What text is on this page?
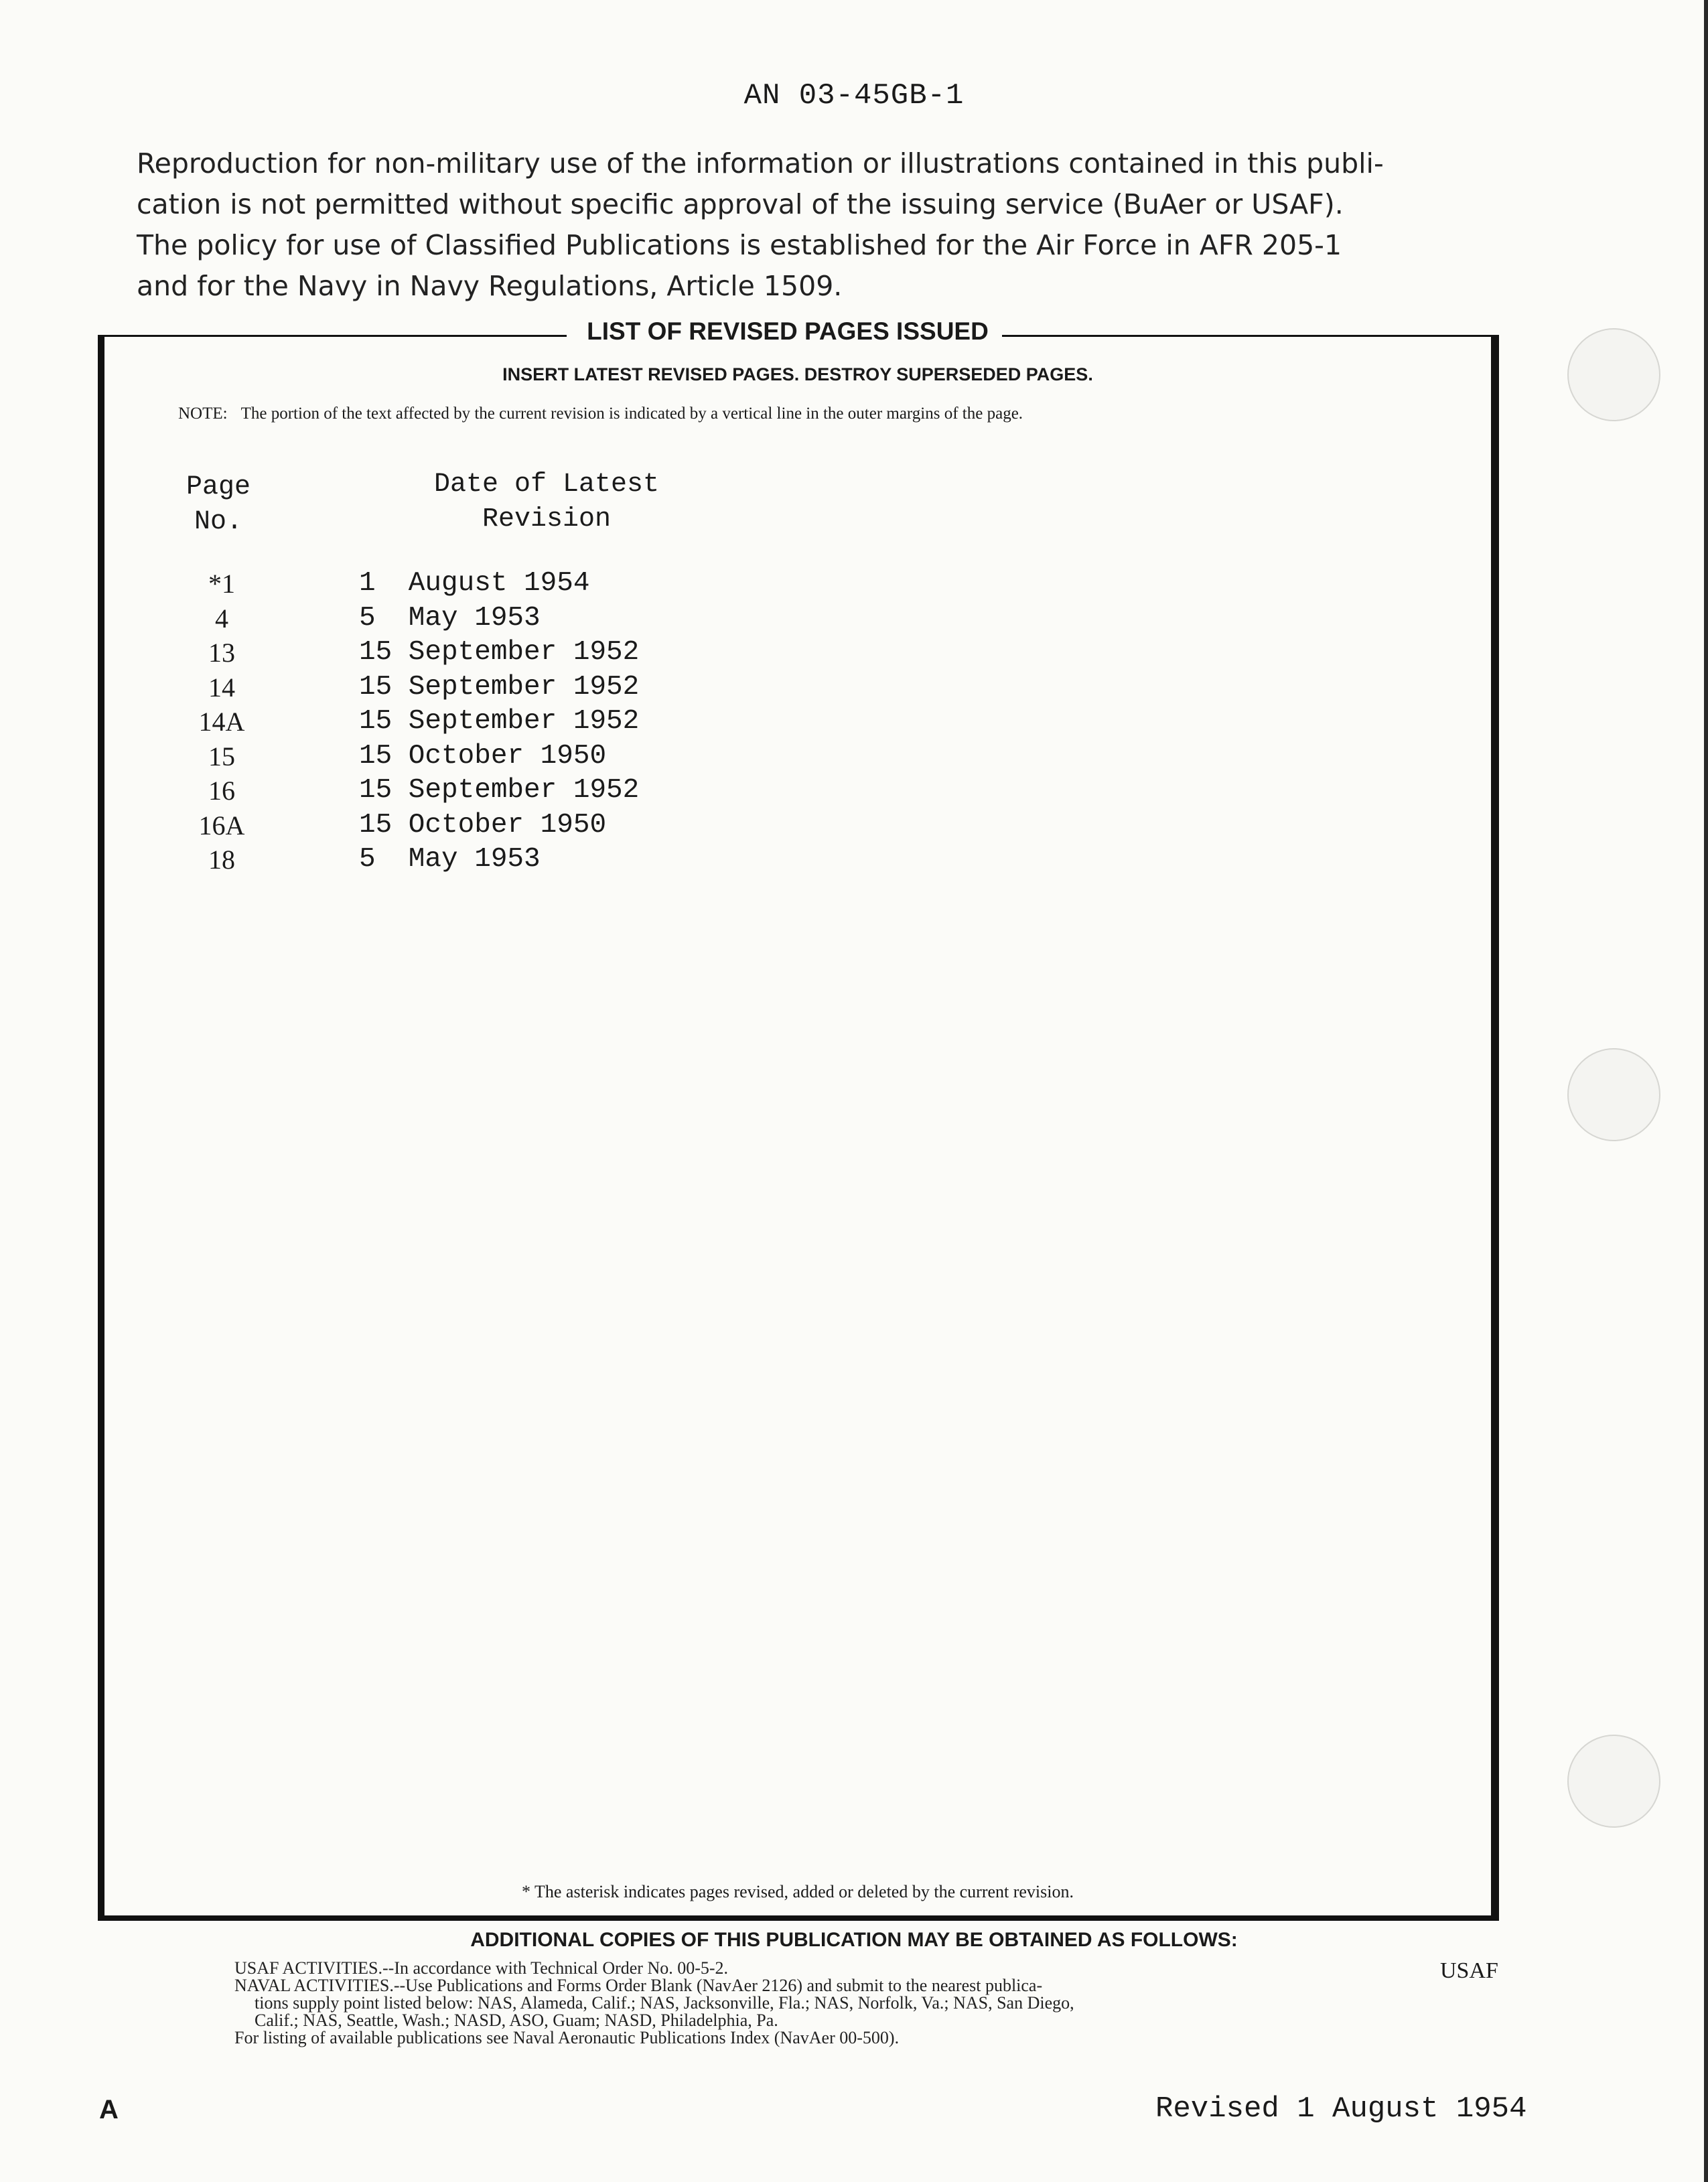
AN 03-45GB-1
Reproduction for non-military use of the information or illustrations contained in this publi-
cation is not permitted without specific approval of the issuing service (BuAer or USAF).
The policy for use of Classified Publications is established for the Air Force in AFR 205-1
and for the Navy in Navy Regulations, Article 1509.
LIST OF REVISED PAGES ISSUED
INSERT LATEST REVISED PAGES. DESTROY SUPERSEDED PAGES.
NOTE: The portion of the text affected by the current revision is indicated by a vertical line in the outer margins of the page.
Page
No.
Date of Latest
Revision
*1	1  August 1954
4	5  May 1953
13	15 September 1952
14	15 September 1952
14A	15 September 1952
15	15 October 1950
16	15 September 1952
16A	15 October 1950
18	5  May 1953
* The asterisk indicates pages revised, added or deleted by the current revision.
ADDITIONAL COPIES OF THIS PUBLICATION MAY BE OBTAINED AS FOLLOWS:
USAF ACTIVITIES.--In accordance with Technical Order No. 00-5-2.
NAVAL ACTIVITIES.--Use Publications and Forms Order Blank (NavAer 2126) and submit to the nearest publica-
tions supply point listed below: NAS, Alameda, Calif.; NAS, Jacksonville, Fla.; NAS, Norfolk, Va.; NAS, San Diego,
Calif.; NAS, Seattle, Wash.; NASD, ASO, Guam; NASD, Philadelphia, Pa.
For listing of available publications see Naval Aeronautic Publications Index (NavAer 00-500).
USAF
A	Revised 1 August 1954
